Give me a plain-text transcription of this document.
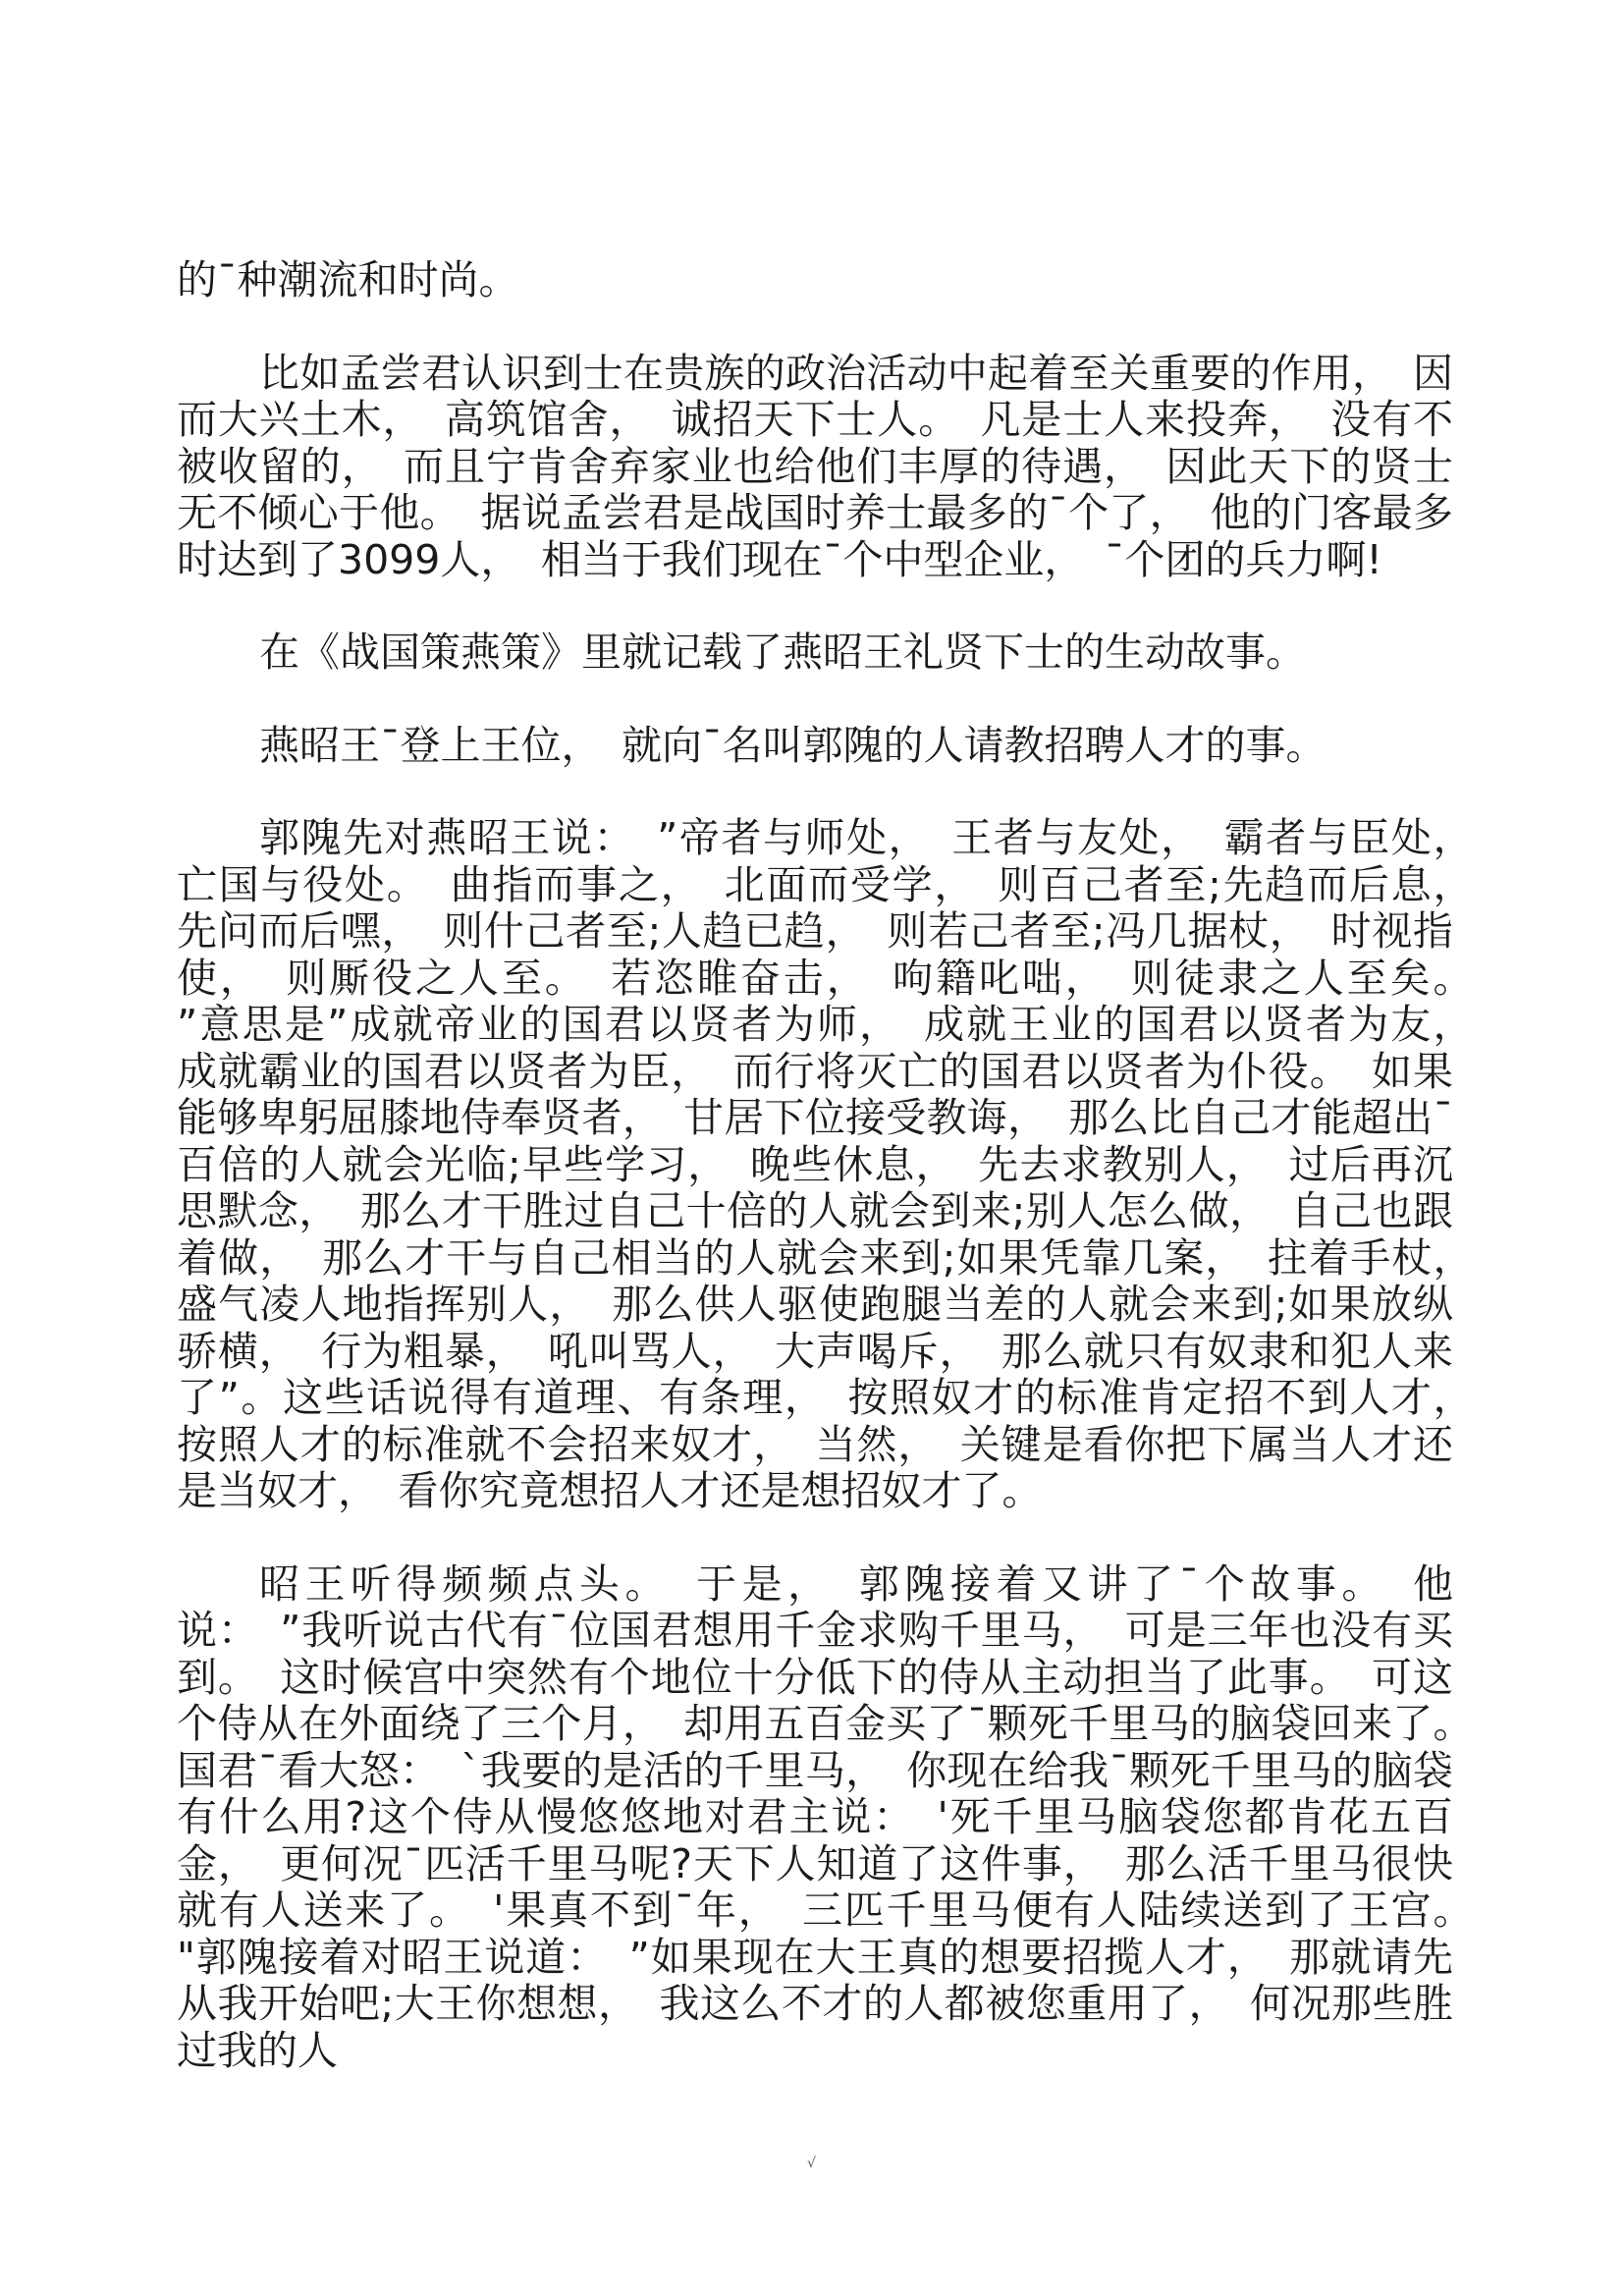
的¯种潮流和时尚。

比如孟尝君认识到士在贵族的政治活动中起着至关重要的作用，　因而大兴土木，　高筑馆舍，　诚招天下士人。　凡是士人来投奔，　没有不被收留的，　而且宁肯舍弃家业也给他们丰厚的待遇，　因此天下的贤士无不倾心于他。　据说孟尝君是战国时养士最多的¯个了，　他的门客最多时达到了3099人，　相当于我们现在¯个中型企业，　¯个团的兵力啊!

在《战国策燕策》里就记载了燕昭王礼贤下士的生动故事。

燕昭王¯登上王位，　就向¯名叫郭隗的人请教招聘人才的事。

郭隗先对燕昭王说：　”帝者与师处，　王者与友处，　霸者与臣处，　亡国与役处。　曲指而事之，　北面而受学，　则百己者至;先趋而后息，　先问而后嘿，　则什己者至;人趋已趋，　则若己者至;冯几据杖，　时视指使，　则厮役之人至。　若恣睢奋击，　呴籍叱咄，　则徒隶之人至矣。　”意思是”成就帝业的国君以贤者为师，　成就王业的国君以贤者为友，　成就霸业的国君以贤者为臣，　而行将灭亡的国君以贤者为仆役。　如果能够卑躬屈膝地侍奉贤者，　甘居下位接受教诲，　那么比自己才能超出¯百倍的人就会光临;早些学习，　晚些休息，　先去求教别人，　过后再沉思默念，　那么才干胜过自己十倍的人就会到来;别人怎么做，　自己也跟着做，　那么才干与自己相当的人就会来到;如果凭靠几案，　拄着手杖，　盛气凌人地指挥别人，　那么供人驱使跑腿当差的人就会来到;如果放纵骄横，　行为粗暴，　吼叫骂人，　大声喝斥，　那么就只有奴隶和犯人来了”。这些话说得有道理、有条理，　按照奴才的标准肯定招不到人才，　按照人才的标准就不会招来奴才，　当然，　关键是看你把下属当人才还是当奴才，　看你究竟想招人才还是想招奴才了。

昭王听得频频点头。　于是，　郭隗接着又讲了¯个故事。　他说：　”我听说古代有¯位国君想用千金求购千里马，　可是三年也没有买到。　这时候宫中突然有个地位十分低下的侍从主动担当了此事。　可这个侍从在外面绕了三个月，　却用五百金买了¯颗死千里马的脑袋回来了。　国君¯看大怒：　`我要的是活的千里马，　你现在给我¯颗死千里马的脑袋有什么用?这个侍从慢悠悠地对君主说：　'死千里马脑袋您都肯花五百金，　更何况¯匹活千里马呢?天下人知道了这件事，　那么活千里马很快就有人送来了。　'果真不到¯年，　三匹千里马便有人陆续送到了王宫。　"郭隗接着对昭王说道：　”如果现在大王真的想要招揽人才，　那就请先从我开始吧;大王你想想，　我这么不才的人都被您重用了，　何况那些胜过我的人

√
